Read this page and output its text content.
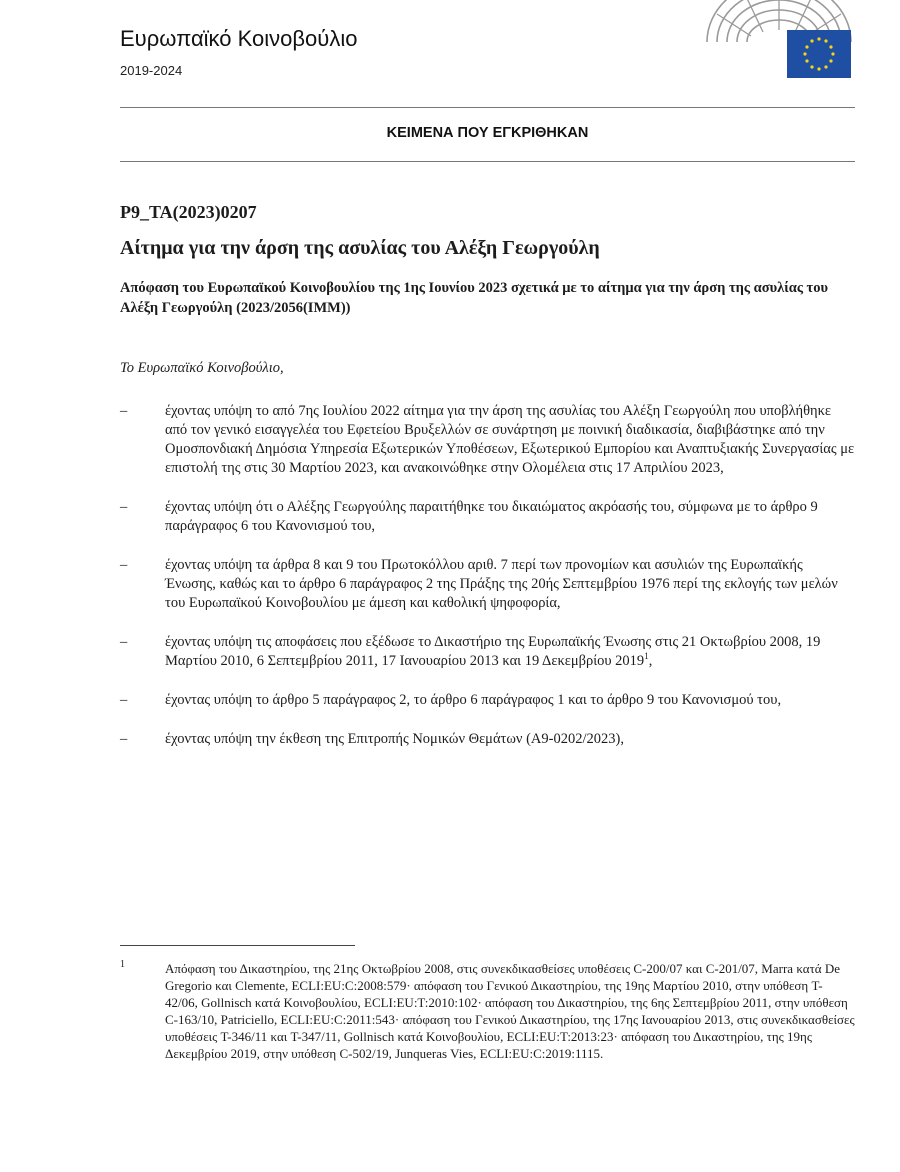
Ευρωπαϊκό Κοινοβούλιο
2019-2024
ΚΕΙΜΕΝΑ ΠΟΥ ΕΓΚΡΙΘΗΚΑΝ
P9_TA(2023)0207
Αίτημα για την άρση της ασυλίας του Αλέξη Γεωργούλη
Απόφαση του Ευρωπαϊκού Κοινοβουλίου της 1ης Ιουνίου 2023 σχετικά με το αίτημα για την άρση της ασυλίας του Αλέξη Γεωργούλη (2023/2056(IMM))
Το Ευρωπαϊκό Κοινοβούλιο,
–	έχοντας υπόψη το από 7ης Ιουλίου 2022 αίτημα για την άρση της ασυλίας του Αλέξη Γεωργούλη που υποβλήθηκε από τον γενικό εισαγγελέα του Εφετείου Βρυξελλών σε συνάρτηση με ποινική διαδικασία, διαβιβάστηκε από την Ομοσπονδιακή Δημόσια Υπηρεσία Εξωτερικών Υποθέσεων, Εξωτερικού Εμπορίου και Αναπτυξιακής Συνεργασίας με επιστολή της στις 30 Μαρτίου 2023, και ανακοινώθηκε στην Ολομέλεια στις 17 Απριλίου 2023,
–	έχοντας υπόψη ότι ο Αλέξης Γεωργούλης παραιτήθηκε του δικαιώματος ακρόασής του, σύμφωνα με το άρθρο 9 παράγραφος 6 του Κανονισμού του,
–	έχοντας υπόψη τα άρθρα 8 και 9 του Πρωτοκόλλου αριθ. 7 περί των προνομίων και ασυλιών της Ευρωπαϊκής Ένωσης, καθώς και το άρθρο 6 παράγραφος 2 της Πράξης της 20ής Σεπτεμβρίου 1976 περί της εκλογής των μελών του Ευρωπαϊκού Κοινοβουλίου με άμεση και καθολική ψηφοφορία,
–	έχοντας υπόψη τις αποφάσεις που εξέδωσε το Δικαστήριο της Ευρωπαϊκής Ένωσης στις 21 Οκτωβρίου 2008, 19 Μαρτίου 2010, 6 Σεπτεμβρίου 2011, 17 Ιανουαρίου 2013 και 19 Δεκεμβρίου 2019$^1$,
–	έχοντας υπόψη το άρθρο 5 παράγραφος 2, το άρθρο 6 παράγραφος 1 και το άρθρο 9 του Κανονισμού του,
–	έχοντας υπόψη την έκθεση της Επιτροπής Νομικών Θεμάτων (A9-0202/2023),
1	Απόφαση του Δικαστηρίου, της 21ης Οκτωβρίου 2008, στις συνεκδικασθείσες υποθέσεις C-200/07 και C-201/07, Marra κατά De Gregorio και Clemente, ECLI:EU:C:2008:579· απόφαση του Γενικού Δικαστηρίου, της 19ης Μαρτίου 2010, στην υπόθεση T-42/06, Gollnisch κατά Κοινοβουλίου, ECLI:EU:T:2010:102· απόφαση του Δικαστηρίου, της 6ης Σεπτεμβρίου 2011, στην υπόθεση C-163/10, Patriciello, ECLI:EU:C:2011:543· απόφαση του Γενικού Δικαστηρίου, της 17ης Ιανουαρίου 2013, στις συνεκδικασθείσες υποθέσεις T-346/11 και T-347/11, Gollnisch κατά Κοινοβουλίου, ECLI:EU:T:2013:23· απόφαση του Δικαστηρίου, της 19ης Δεκεμβρίου 2019, στην υπόθεση C-502/19, Junqueras Vies, ECLI:EU:C:2019:1115.
